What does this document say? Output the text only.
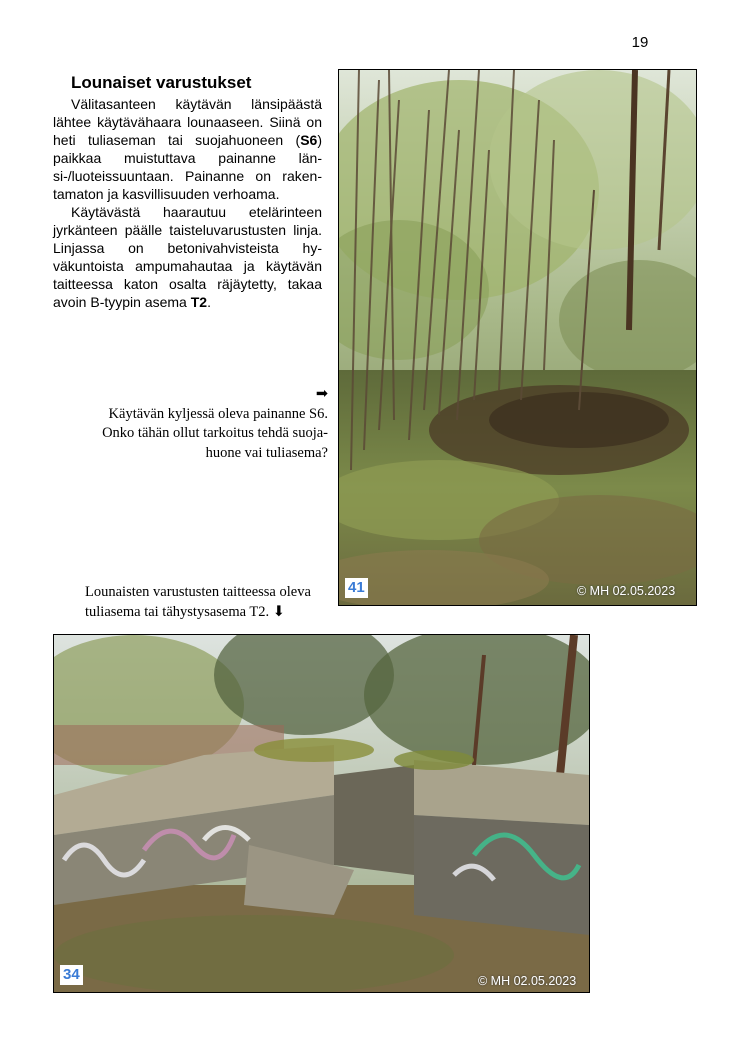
19
Lounaiset varustukset

Välitasanteen käytävän länsipäästä lähtee käytävähaara lounaaseen. Siinä on heti tuliaseman tai suojahuoneen (S6) paikkaa muistuttava painanne länsi-/luoteissuuntaan. Painanne on rakentamaton ja kasvillisuuden verhoama.

Käytävästä haarautuu etelärinteen jyrkänteen päälle taisteluvarustusten linja. Linjassa on betonivahvisteista hyväkuntoista ampumahautaa ja käytävän taitteessa katon osalta räjäytetty, takaa avoin B-tyypin asema T2.

➡
Käytävän kyljessä oleva painanne S6.
Onko tähän ollut tarkoitus tehdä suoja-
huone vai tuliasema?
Lounaisten varustusten taitteessa oleva
tuliasema tai tähystysasema T2. ⬇
41	© MH 02.05.2023
34	© MH 02.05.2023
